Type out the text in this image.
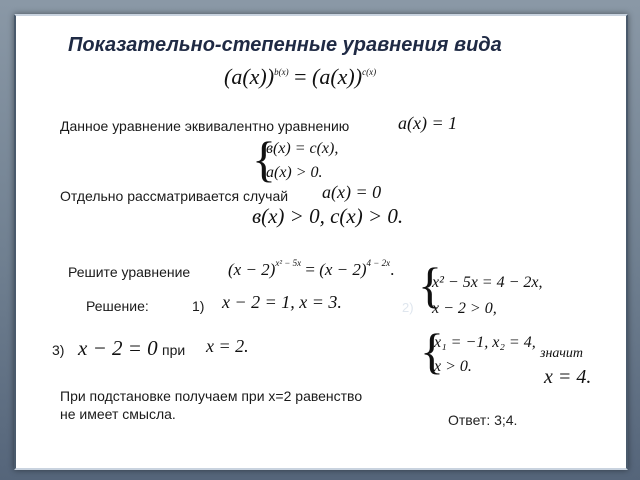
Показательно-степенные уравнения вида
$(a(x))^{b(x)} = (a(x))^{c(x)}$
Данное уравнение эквивалентно уравнению	a(x) = 1
{
в(x) = c(x),
a(x) > 0.
Отдельно рассматривается случай a(x) = 0
в(x) > 0, c(x) > 0.
Решите уравнение $(x - 2)^{x^2 - 5x} = (x - 2)^{4 - 2x}$.
Решение:	1) x − 2 = 1, x = 3.	2) {
x² − 5x = 4 − 2x,
x − 2 > 0,
3) x − 2 = 0 при x = 2.	{
x₁ = −1, x₂ = 4,
x > 0.
значит
x = 4.
При подстановке получаем при х=2 равенство
не имеет смысла.	Ответ: 3;4.
